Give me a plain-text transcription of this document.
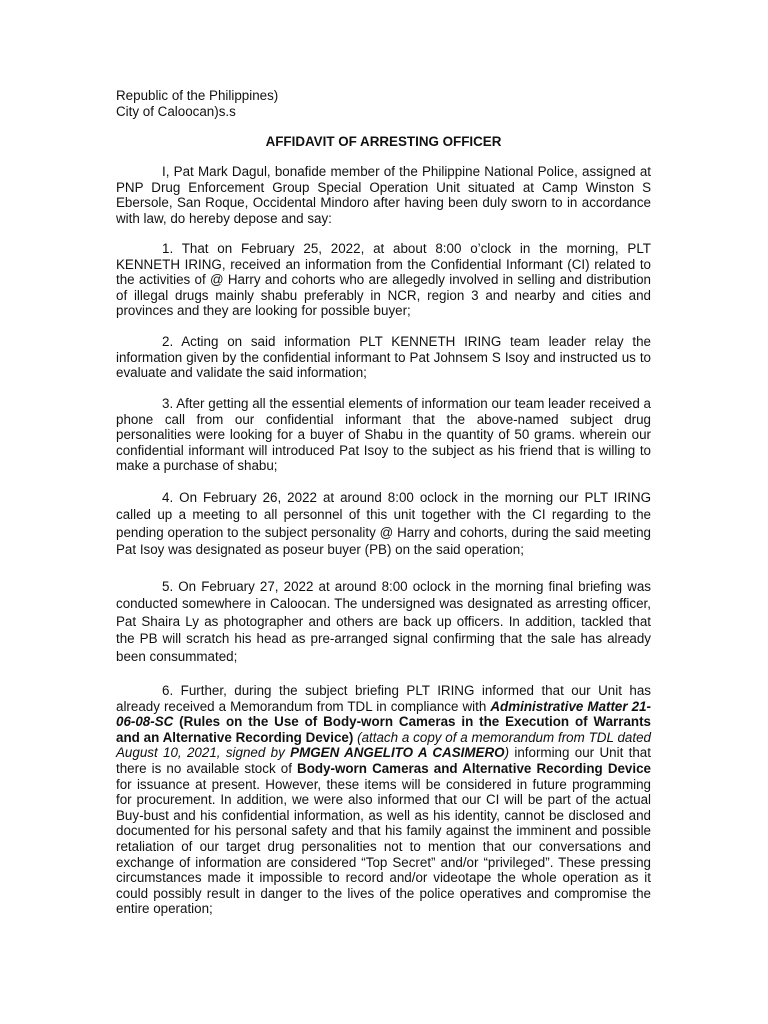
Republic of the Philippines)

City of Caloocan)s.s

AFFIDAVIT OF ARRESTING OFFICER

I, Pat Mark Dagul, bonafide member of the Philippine National Police, assigned at PNP Drug Enforcement Group Special Operation Unit situated at Camp Winston S Ebersole, San Roque, Occidental Mindoro after having been duly sworn to in accordance with law, do hereby depose and say:

1. That on February 25, 2022, at about 8:00 o’clock in the morning, PLT KENNETH IRING, received an information from the Confidential Informant (CI) related to the activities of @ Harry and cohorts who are allegedly involved in selling and distribution of illegal drugs mainly shabu preferably in NCR, region 3 and nearby and cities and provinces and they are looking for possible buyer;

2. Acting on said information PLT KENNETH IRING team leader relay the information given by the confidential informant to Pat Johnsem S Isoy and instructed us to evaluate and validate the said information;

3. After getting all the essential elements of information our team leader received a phone call from our confidential informant that the above-named subject drug personalities were looking for a buyer of Shabu in the quantity of 50 grams. wherein our confidential informant will introduced Pat Isoy to the subject as his friend that is willing to make a purchase of shabu;

4. On February 26, 2022 at around 8:00 oclock in the morning our PLT IRING called up a meeting to all personnel of this unit together with the CI regarding to the pending operation to the subject personality @ Harry and cohorts, during the said meeting Pat Isoy was designated as poseur buyer (PB) on the said operation;

5. On February 27, 2022 at around 8:00 oclock in the morning final briefing was conducted somewhere in Caloocan. The undersigned was designated as arresting officer, Pat Shaira Ly as photographer and others are back up officers. In addition, tackled that the PB will scratch his head as pre-arranged signal confirming that the sale has already been consummated;

6. Further, during the subject briefing PLT IRING informed that our Unit has already received a Memorandum from TDL in compliance with Administrative Matter 21-06-08-SC (Rules on the Use of Body-worn Cameras in the Execution of Warrants and an Alternative Recording Device) (attach a copy of a memorandum from TDL dated August 10, 2021, signed by PMGEN ANGELITO A CASIMERO) informing our Unit that there is no available stock of Body-worn Cameras and Alternative Recording Device for issuance at present. However, these items will be considered in future programming for procurement. In addition, we were also informed that our CI will be part of the actual Buy-bust and his confidential information, as well as his identity, cannot be disclosed and documented for his personal safety and that his family against the imminent and possible retaliation of our target drug personalities not to mention that our conversations and exchange of information are considered “Top Secret” and/or “privileged”. These pressing circumstances made it impossible to record and/or videotape the whole operation as it could possibly result in danger to the lives of the police operatives and compromise the entire operation;
